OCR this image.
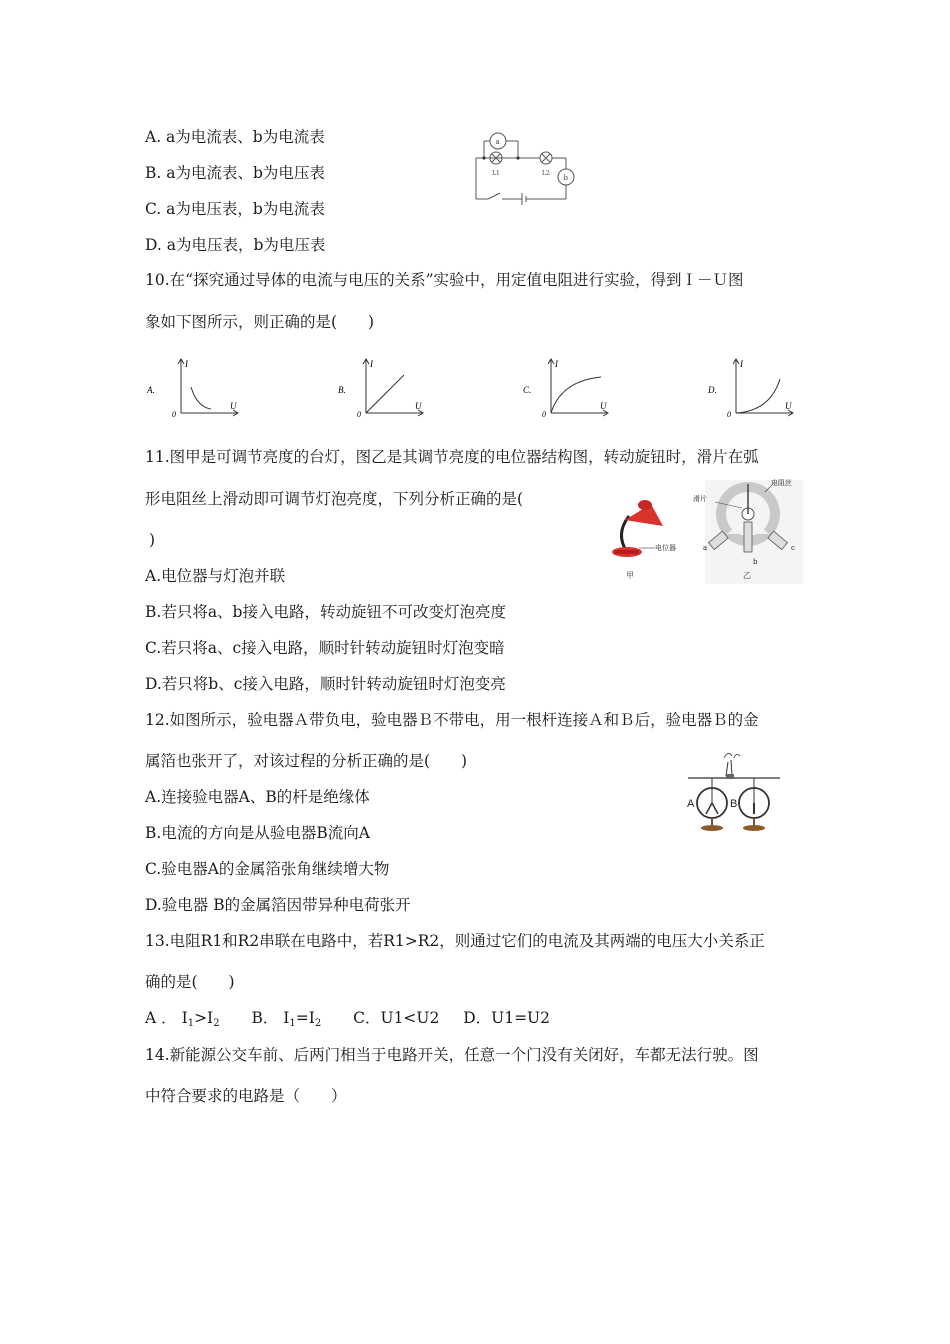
A. a为电流表、b为电流表
B. a为电流表、b为电压表
C. a为电压表，b为电流表
D. a为电压表，b为电压表
a
b
L1	L2
10.在“探究通过导体的电流与电压的关系”实验中，用定值电阻进行实验，得到Ｉ－Ｕ图
象如下图所示，则正确的是(　　)
A.
I
U
0
B.
I
U
0
C.
I
U
0
D.
I
U
0
11.图甲是可调节亮度的台灯，图乙是其调节亮度的电位器结构图，转动旋钮时，滑片在弧
形电阻丝上滑动即可调节灯泡亮度，下列分析正确的是(
)
A.电位器与灯泡并联
B.若只将a、b接入电路，转动旋钮不可改变灯泡亮度
C.若只将a、c接入电路，顺时针转动旋钮时灯泡变暗
D.若只将b、c接入电路，顺时针转动旋钮时灯泡变亮
电位器
甲
滑片
电阻丝
a
b
c
乙
12.如图所示，验电器Ａ带负电，验电器Ｂ不带电，用一根杆连接Ａ和Ｂ后，验电器Ｂ的金
属箔也张开了，对该过程的分析正确的是(　　)
A.连接验电器A、B的杆是绝缘体
B.电流的方向是从验电器B流向A
C.验电器A的金属箔张角继续增大物
D.验电器 B的金属箔因带异种电荷张开
A	B
13.电阻R1和R2串联在电路中，若R1>R2，则通过它们的电流及其两端的电压大小关系正
确的是(　　)
A ． $I_1>I_2$ B． $I_1=I_2$ C．U1<U2 D．U1=U2
14.新能源公交车前、后两门相当于电路开关，任意一个门没有关闭好，车都无法行驶。图
中符合要求的电路是（　　）
